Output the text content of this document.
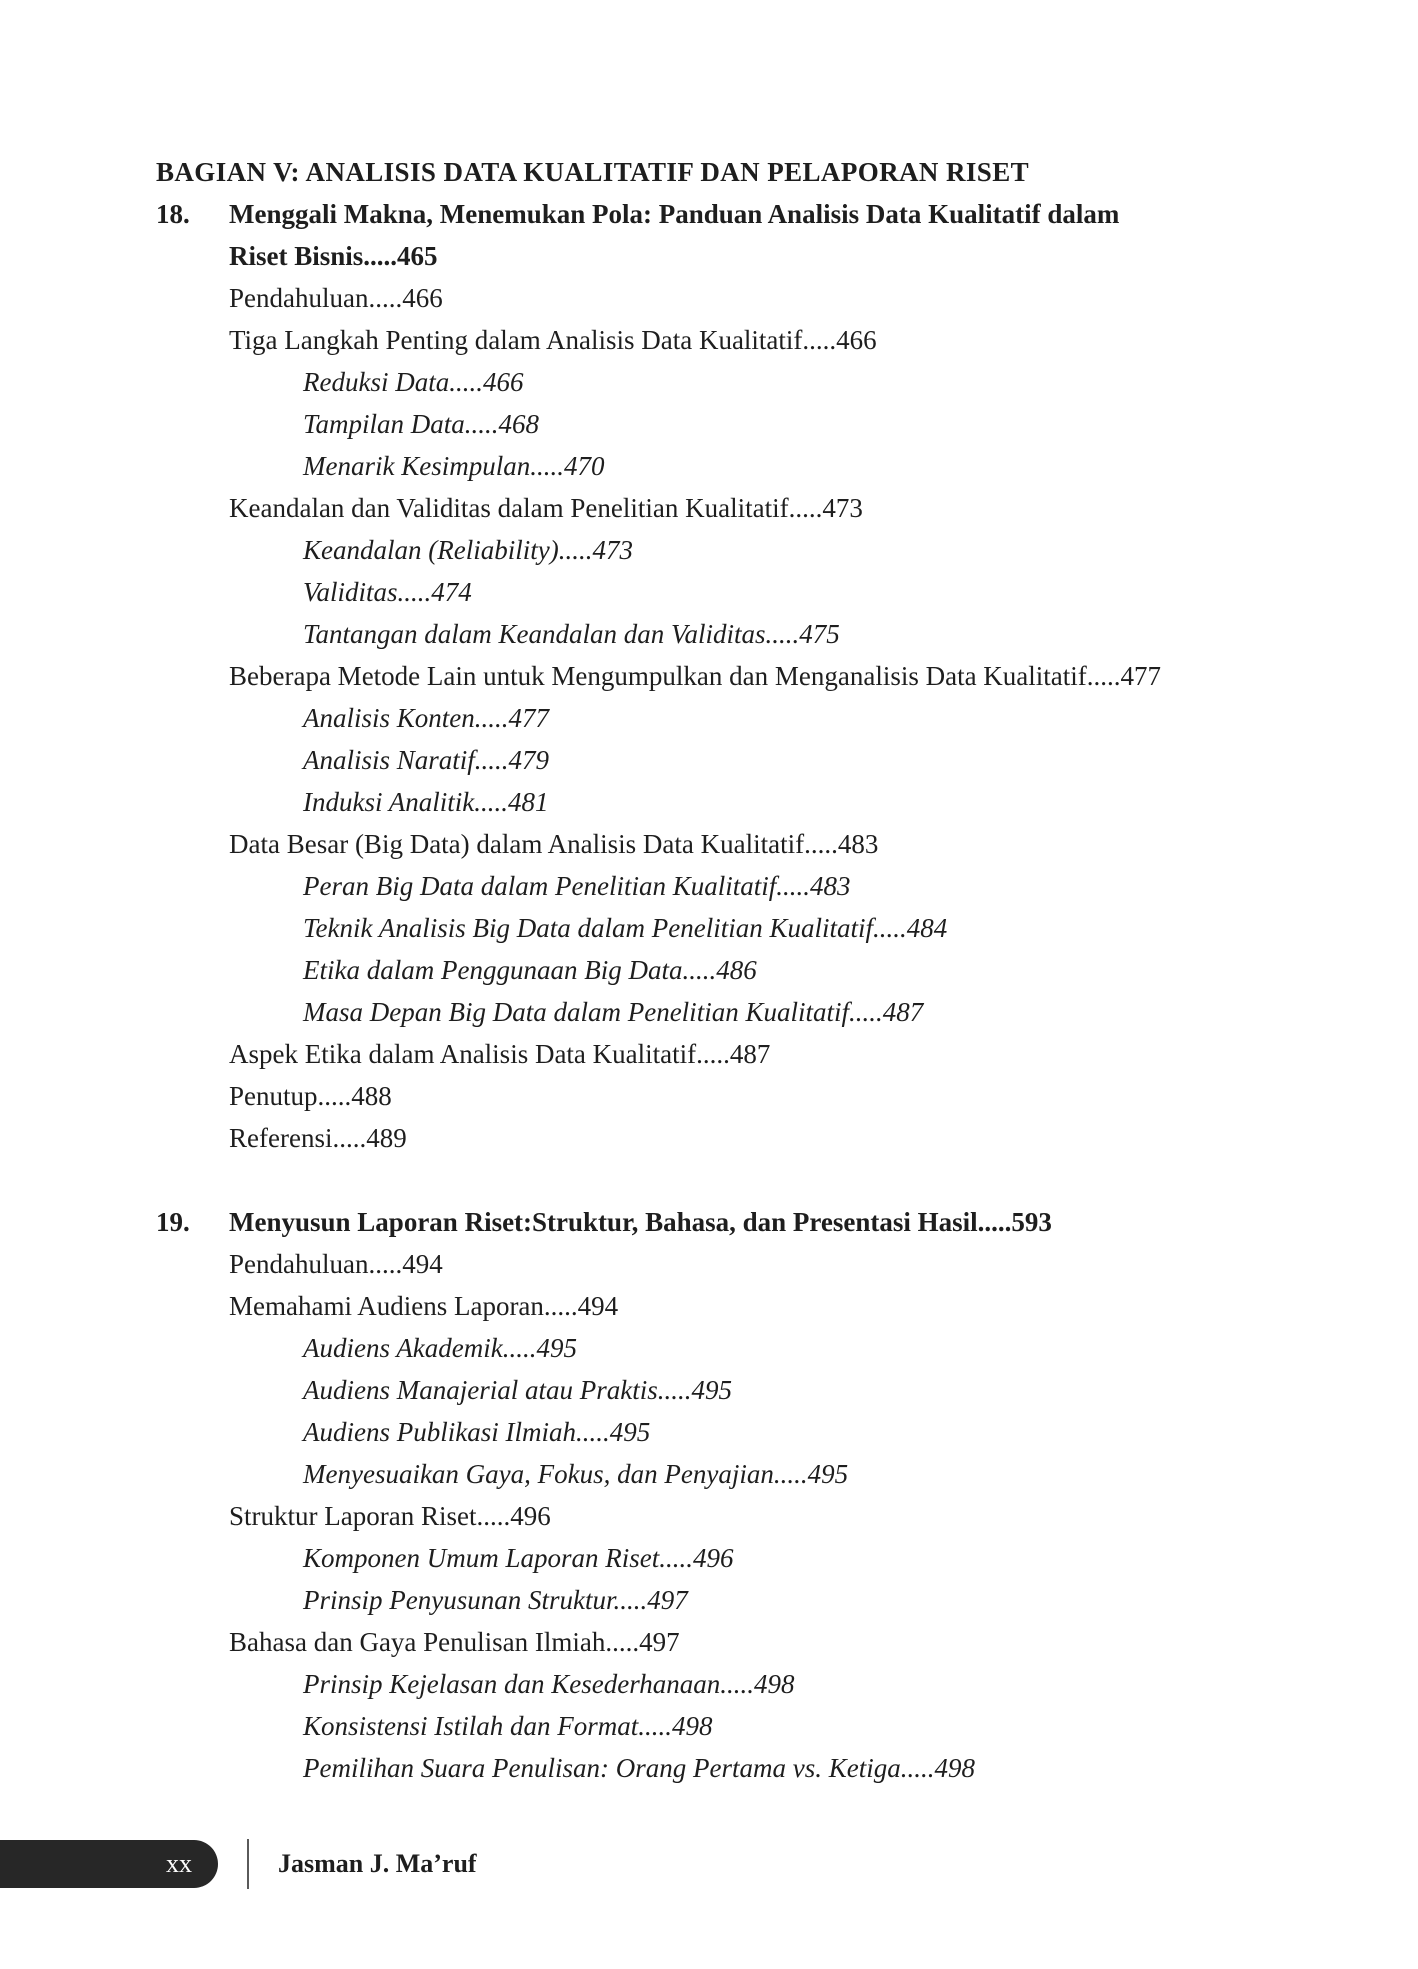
BAGIAN V: ANALISIS DATA KUALITATIF DAN PELAPORAN RISET
18.	Menggali Makna, Menemukan Pola: Panduan Analisis Data Kualitatif dalam
Riset Bisnis.....465
Pendahuluan.....466
Tiga Langkah Penting dalam Analisis Data Kualitatif.....466
Reduksi Data.....466
Tampilan Data.....468
Menarik Kesimpulan.....470
Keandalan dan Validitas dalam Penelitian Kualitatif.....473
Keandalan (Reliability).....473
Validitas.....474
Tantangan dalam Keandalan dan Validitas.....475
Beberapa Metode Lain untuk Mengumpulkan dan Menganalisis Data Kualitatif.....477
Analisis Konten.....477
Analisis Naratif.....479
Induksi Analitik.....481
Data Besar (Big Data) dalam Analisis Data Kualitatif.....483
Peran Big Data dalam Penelitian Kualitatif.....483
Teknik Analisis Big Data dalam Penelitian Kualitatif.....484
Etika dalam Penggunaan Big Data.....486
Masa Depan Big Data dalam Penelitian Kualitatif.....487
Aspek Etika dalam Analisis Data Kualitatif.....487
Penutup.....488
Referensi.....489
19.	Menyusun Laporan Riset:Struktur, Bahasa, dan Presentasi Hasil.....593
Pendahuluan.....494
Memahami Audiens Laporan.....494
Audiens Akademik.....495
Audiens Manajerial atau Praktis.....495
Audiens Publikasi Ilmiah.....495
Menyesuaikan Gaya, Fokus, dan Penyajian.....495
Struktur Laporan Riset.....496
Komponen Umum Laporan Riset.....496
Prinsip Penyusunan Struktur.....497
Bahasa dan Gaya Penulisan Ilmiah.....497
Prinsip Kejelasan dan Kesederhanaan.....498
Konsistensi Istilah dan Format.....498
Pemilihan Suara Penulisan: Orang Pertama vs. Ketiga.....498
xx	Jasman J. Ma’ruf
